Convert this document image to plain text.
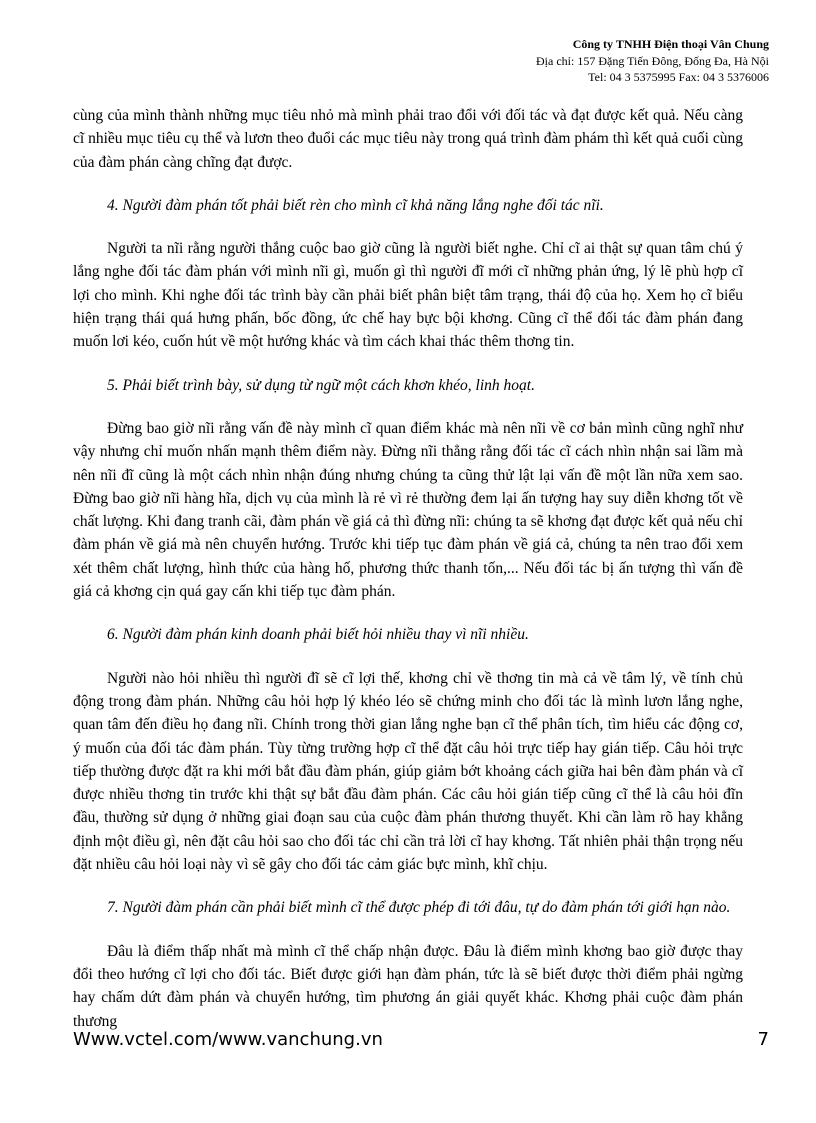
Công ty TNHH Điện thoại Vân Chung
Địa chỉ: 157 Đặng Tiến Đông, Đống Đa, Hà Nội
Tel: 04 3 5375995 Fax: 04 3 5376006

cùng của mình thành những mục tiêu nhỏ mà mình phải trao đổi với đối tác và đạt được kết quả. Nếu càng cĩ nhiều mục tiêu cụ thể và lươn theo đuổi các mục tiêu này trong quá trình đàm phám thì kết quả cuối cùng của đàm phán càng chĩng đạt được.

4. Người đàm phán tốt phải biết rèn cho mình cĩ khả năng lắng nghe đối tác nĩi.

Người ta nĩi rằng người thắng cuộc bao giờ cũng là người biết nghe. Chỉ cĩ ai thật sự quan tâm chú ý lắng nghe đối tác đàm phán với mình nĩi gì, muốn gì thì người đĩ mới cĩ những phản ứng, lý lẽ phù hợp cĩ lợi cho mình. Khi nghe đối tác trình bày cần phải biết phân biệt tâm trạng, thái độ của họ. Xem họ cĩ biểu hiện trạng thái quá hưng phấn, bốc đồng, ức chế hay bực bội khơng. Cũng cĩ thể đối tác đàm phán đang muốn lơi kéo, cuốn hút về một hướng khác và tìm cách khai thác thêm thơng tin.

5. Phải biết trình bày, sử dụng từ ngữ một cách khơn khéo, linh hoạt.

Đừng bao giờ nĩi rằng vấn đề này mình cĩ quan điểm khác mà nên nĩi về cơ bản mình cũng nghĩ như vậy nhưng chỉ muốn nhấn mạnh thêm điểm này. Đừng nĩi thẳng rằng đối tác cĩ cách nhìn nhận sai lầm mà nên nĩi đĩ cũng là một cách nhìn nhận đúng nhưng chúng ta cũng thử lật lại vấn đề một lần nữa xem sao. Đừng bao giờ nĩi hàng hĩa, dịch vụ của mình là rẻ vì rẻ thường đem lại ấn tượng hay suy diễn khơng tốt về chất lượng. Khi đang tranh cãi, đàm phán về giá cả thì đừng nĩi: chúng ta sẽ khơng đạt được kết quả nếu chỉ đàm phán về giá mà nên chuyển hướng. Trước khi tiếp tục đàm phán về giá cả, chúng ta nên trao đổi xem xét thêm chất lượng, hình thức của hàng hố, phương thức thanh tốn,... Nếu đối tác bị ấn tượng thì vấn đề giá cả khơng cịn quá gay cấn khi tiếp tục đàm phán.

6. Người đàm phán kinh doanh phải biết hỏi nhiều thay vì nĩi nhiều.

Người nào hỏi nhiều thì người đĩ sẽ cĩ lợi thế, khơng chỉ về thơng tin mà cả về tâm lý, về tính chủ động trong đàm phán. Những câu hỏi hợp lý khéo léo sẽ chứng minh cho đối tác là mình lươn lắng nghe, quan tâm đến điều họ đang nĩi. Chính trong thời gian lắng nghe bạn cĩ thể phân tích, tìm hiểu các động cơ, ý muốn của đối tác đàm phán. Tùy từng trường hợp cĩ thể đặt câu hỏi trực tiếp hay gián tiếp. Câu hỏi trực tiếp thường được đặt ra khi mới bắt đầu đàm phán, giúp giảm bớt khoảng cách giữa hai bên đàm phán và cĩ được nhiều thơng tin trước khi thật sự bắt đầu đàm phán. Các câu hỏi gián tiếp cũng cĩ thể là câu hỏi đĩn đầu, thường sử dụng ở những giai đoạn sau của cuộc đàm phán thương thuyết. Khi cần làm rõ hay khẳng định một điều gì, nên đặt câu hỏi sao cho đối tác chỉ cần trả lời cĩ hay khơng. Tất nhiên phải thận trọng nếu đặt nhiều câu hỏi loại này vì sẽ gây cho đối tác cảm giác bực mình, khĩ chịu.

7. Người đàm phán cần phải biết mình cĩ thể được phép đi tới đâu, tự do đàm phán tới giới hạn nào.

Đâu là điểm thấp nhất mà mình cĩ thể chấp nhận được. Đâu là điểm mình khơng bao giờ được thay đổi theo hướng cĩ lợi cho đối tác. Biết được giới hạn đàm phán, tức là sẽ biết được thời điểm phải ngừng hay chấm dứt đàm phán và chuyển hướng, tìm phương án giải quyết khác. Khơng phải cuộc đàm phán thương

Www.vctel.com/www.vanchung.vn	7
